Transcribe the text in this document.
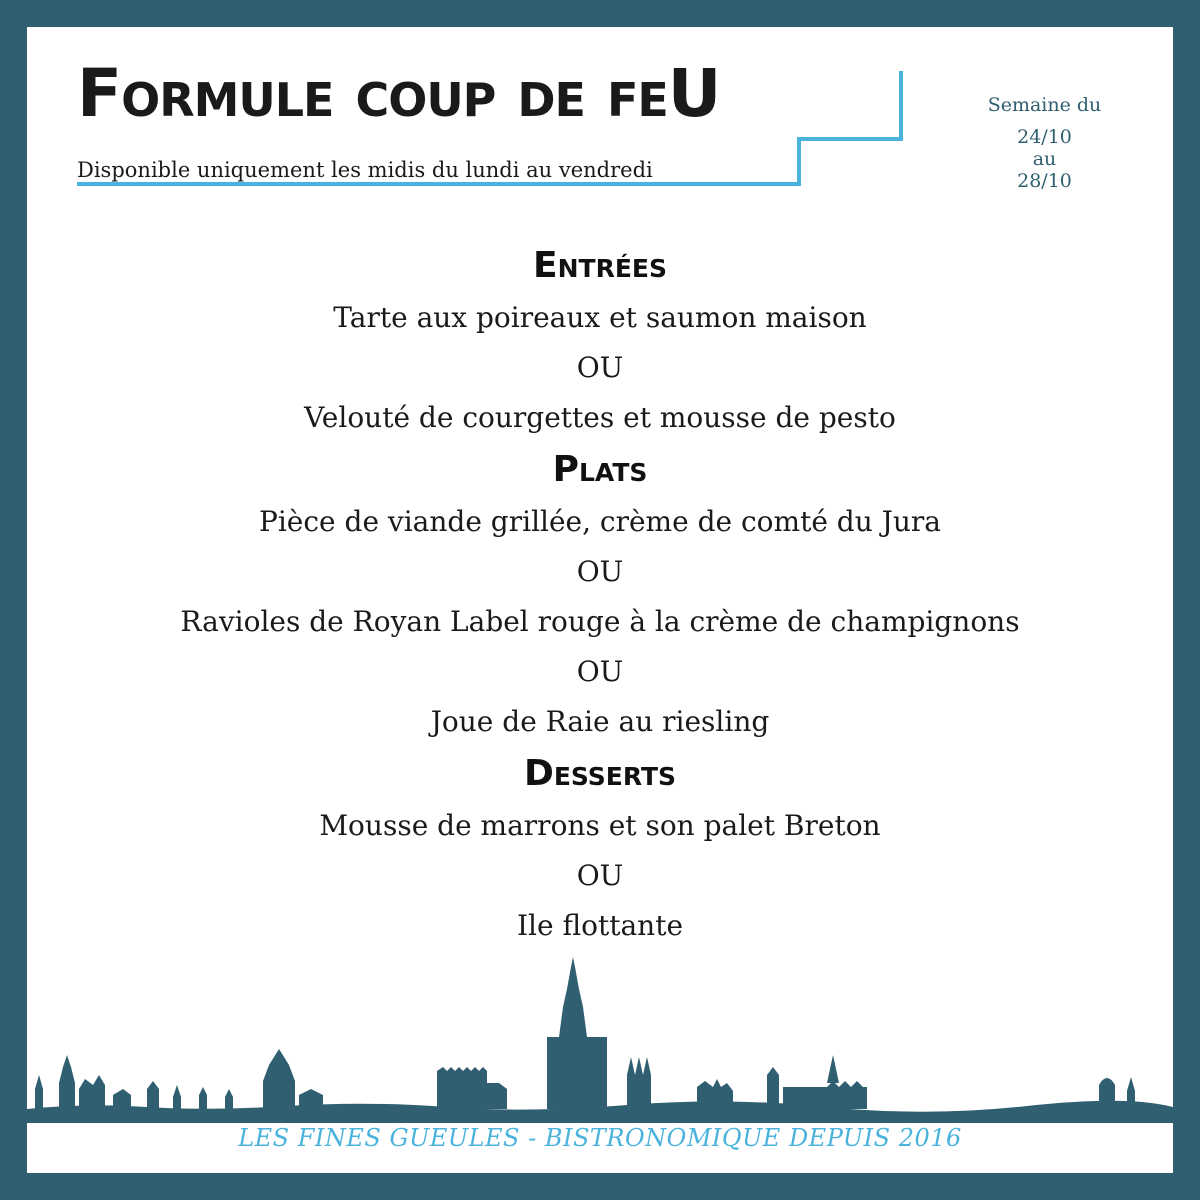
Formule coup de feU
Disponible uniquement les midis du lundi au vendredi
Semaine du
24/10
au
28/10
Entrées
Tarte aux poireaux et saumon maison
OU
Velouté de courgettes et mousse de pesto
Plats
Pièce de viande grillée, crème de comté du Jura
OU
Ravioles de Royan Label rouge à la crème de champignons
OU
Joue de Raie au riesling
Desserts
Mousse de marrons et son palet Breton
OU
Ile flottante
LES FINES GUEULES - BISTRONOMIQUE DEPUIS 2016
